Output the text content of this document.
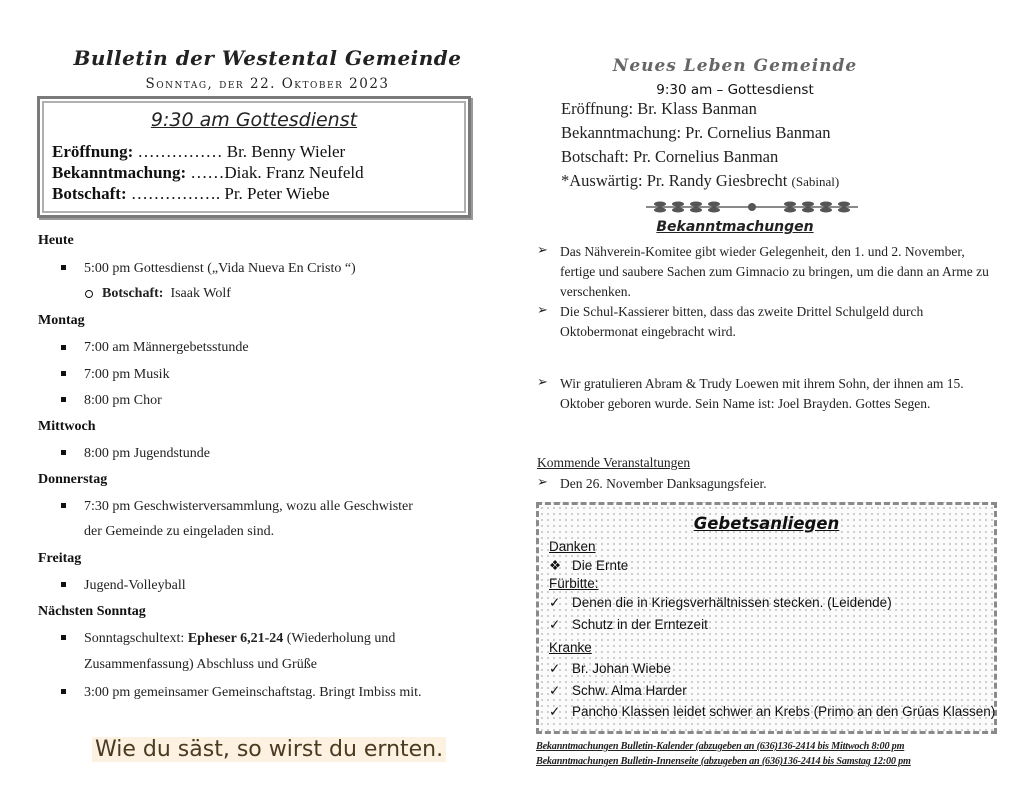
Bulletin der Westental Gemeinde
Sonntag, der 22. Oktober 2023
9:30 am Gottesdienst
Eröffnung: …………… Br. Benny Wieler
Bekanntmachung: ……Diak. Franz Neufeld
Botschaft: ……………. Pr. Peter Wiebe
Heute
5:00 pm Gottesdienst („Vida Nueva En Cristo “)
Botschaft: Isaak Wolf
Montag
7:00 am Männergebetsstunde
7:00 pm Musik
8:00 pm Chor
Mittwoch
8:00 pm Jugendstunde
Donnerstag
7:30 pm Geschwisterversammlung, wozu alle Geschwister
der Gemeinde zu eingeladen sind.
Freitag
Jugend-Volleyball
Nächsten Sonntag
Sonntagschultext: Epheser 6,21-24 (Wiederholung und
Zusammenfassung) Abschluss und Grüße
3:00 pm gemeinsamer Gemeinschaftstag. Bringt Imbiss mit.
Wie du säst, so wirst du ernten.
Neues Leben Gemeinde
9:30 am – Gottesdienst
Eröffnung: Br. Klass Banman
Bekanntmachung: Pr. Cornelius Banman
Botschaft: Pr. Cornelius Banman
*Auswärtig: Pr. Randy Giesbrecht (Sabinal)
Bekanntmachungen
➢ Das Nähverein-Komitee gibt wieder Gelegenheit, den 1. und 2. November, fertige und saubere Sachen zum Gimnacio zu bringen, um die dann an Arme zu verschenken.
➢ Die Schul-Kassierer bitten, dass das zweite Drittel Schulgeld durch Oktobermonat eingebracht wird.
➢ Wir gratulieren Abram & Trudy Loewen mit ihrem Sohn, der ihnen am 15. Oktober geboren wurde. Sein Name ist: Joel Brayden. Gottes Segen.
Kommende Veranstaltungen
➢ Den 26. November Danksagungsfeier.
Gebetsanliegen
Danken
❖ Die Ernte
Fürbitte:
✓ Denen die in Kriegsverhältnissen stecken. (Leidende)
✓ Schutz in der Erntezeit
Kranke
✓ Br. Johan Wiebe
✓ Schw. Alma Harder
✓ Pancho Klassen leidet schwer an Krebs (Primo an den Grúas Klassen)
Bekanntmachungen Bulletin-Kalender (abzugeben an (636)136-2414 bis Mittwoch 8:00 pm
Bekanntmachungen Bulletin-Innenseite (abzugeben an (636)136-2414 bis Samstag 12:00 pm
